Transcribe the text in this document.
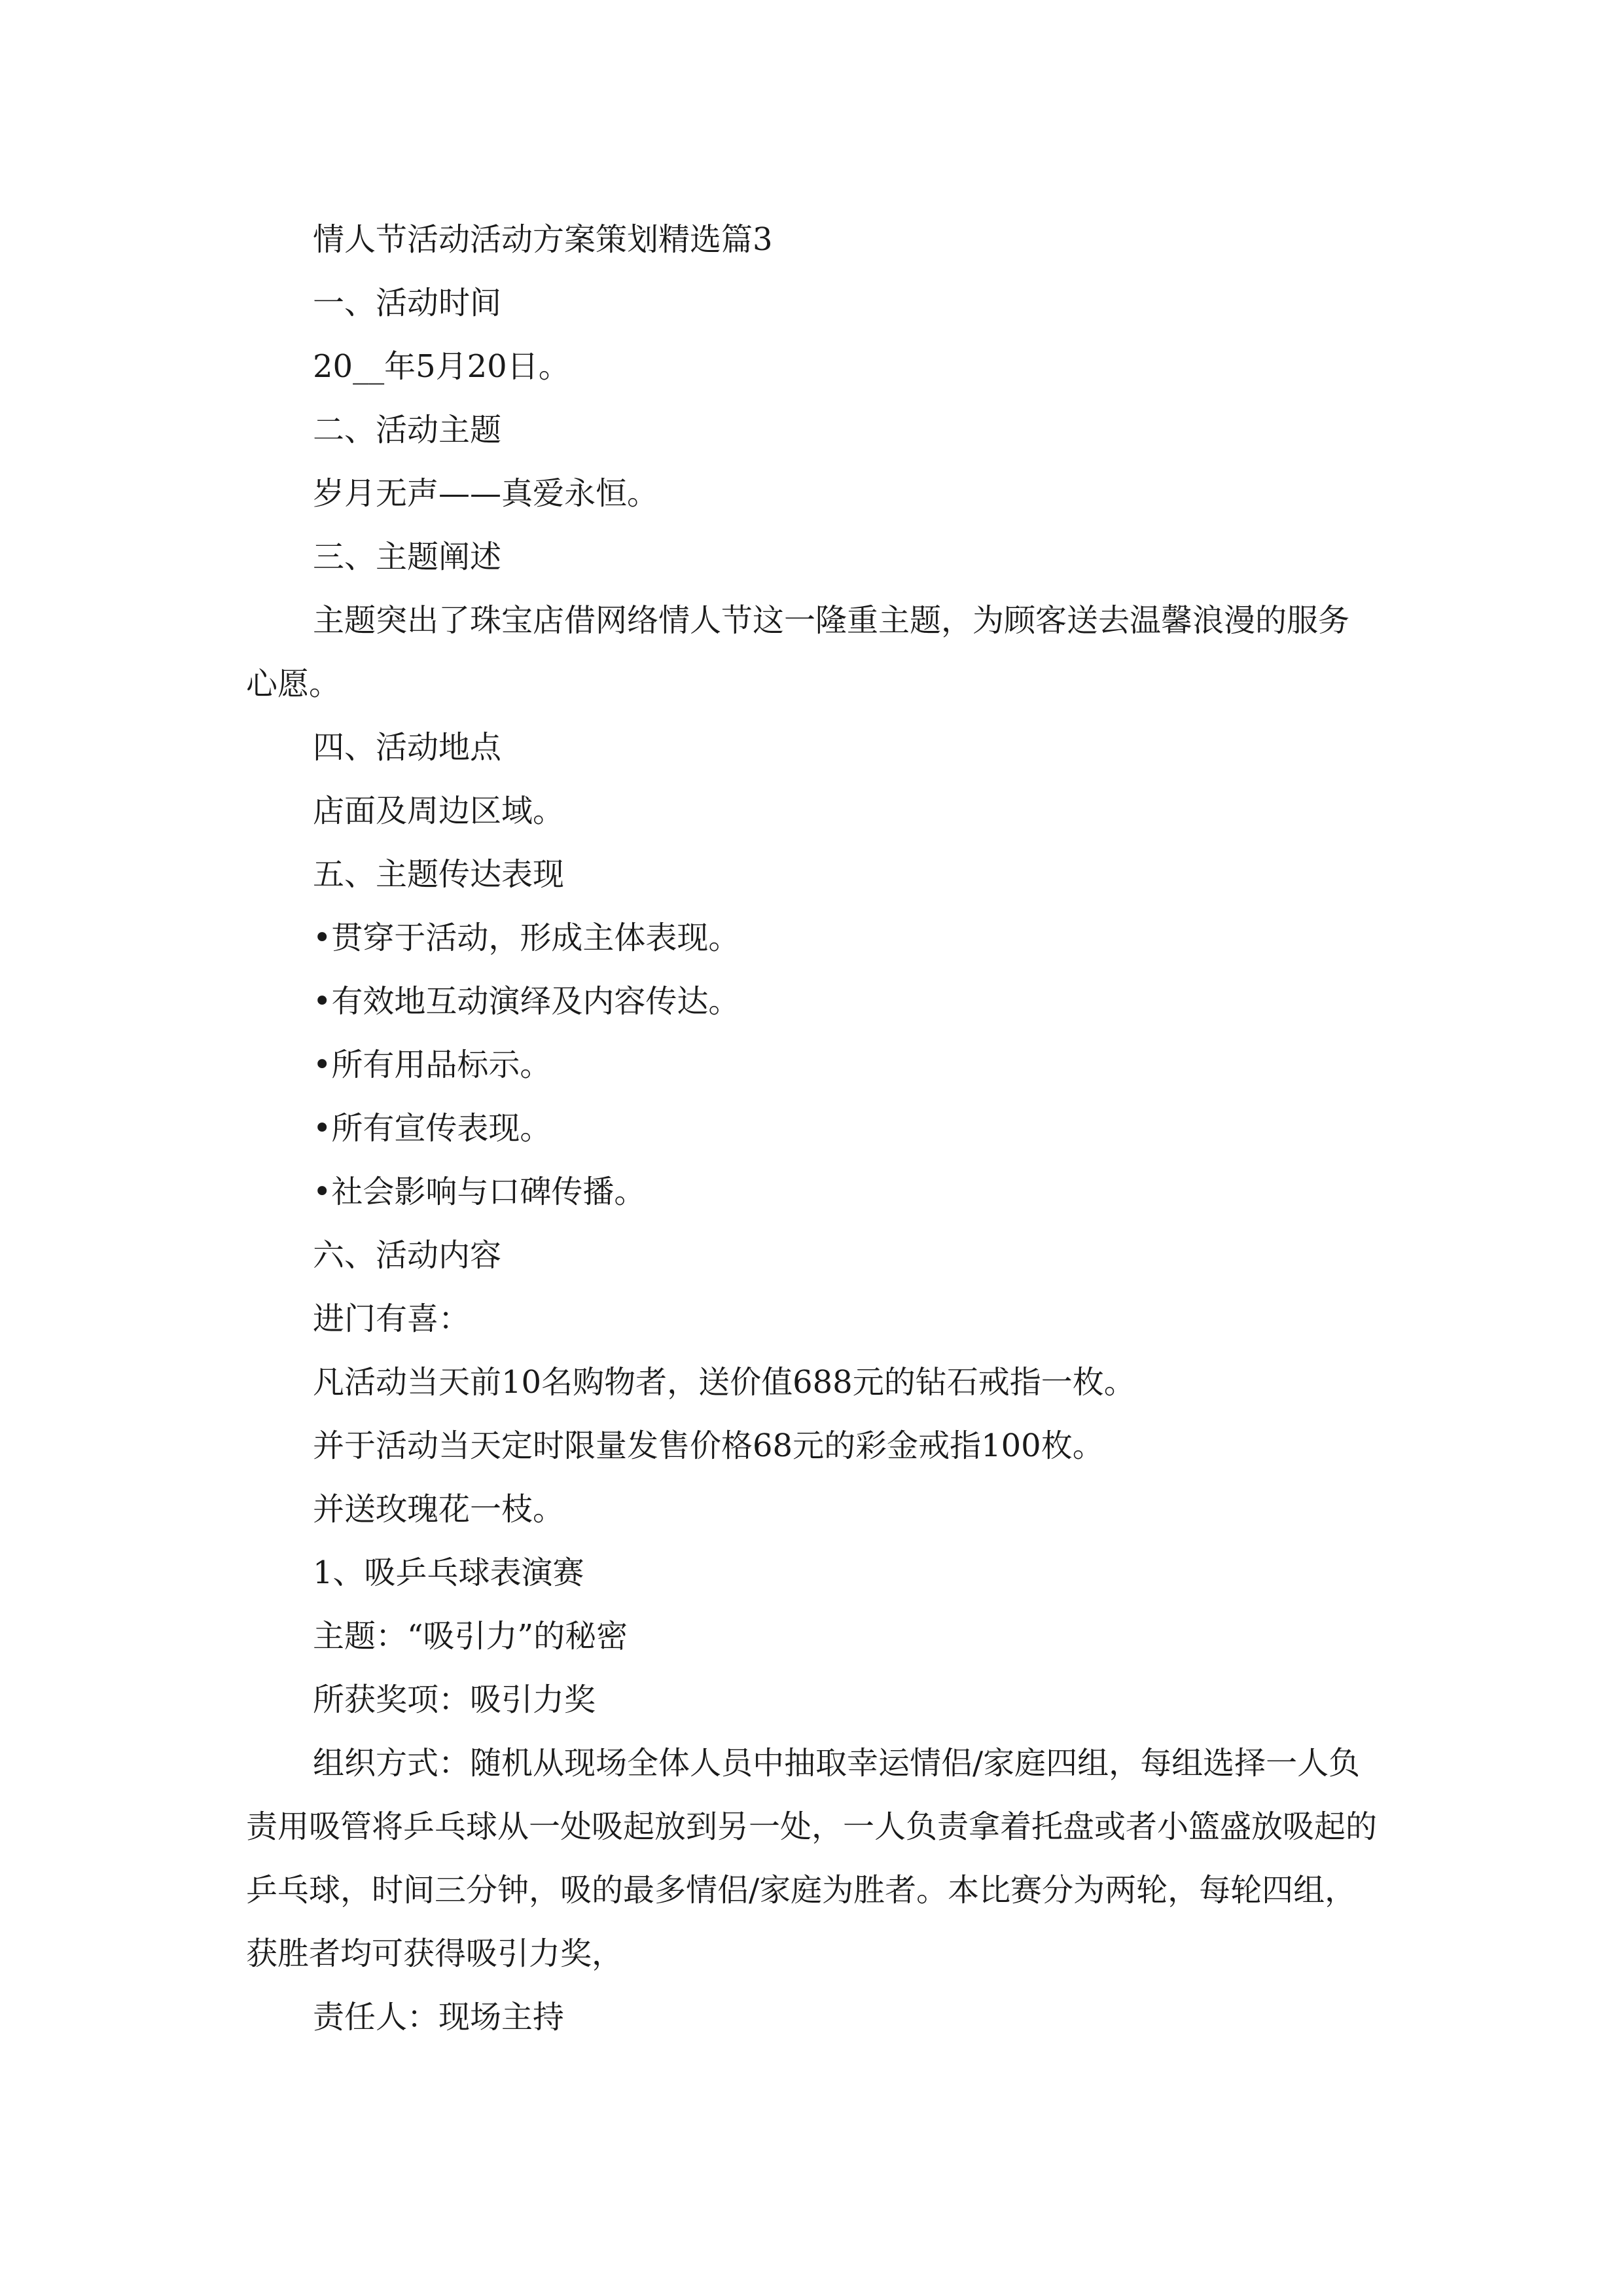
情人节活动活动方案策划精选篇3

一、活动时间

20__年5月20日。

二、活动主题

岁月无声——真爱永恒。

三、主题阐述

主题突出了珠宝店借网络情人节这一隆重主题，为顾客送去温馨浪漫的服务心愿。

四、活动地点

店面及周边区域。

五、主题传达表现

•贯穿于活动，形成主体表现。

•有效地互动演绎及内容传达。

•所有用品标示。

•所有宣传表现。

•社会影响与口碑传播。

六、活动内容

进门有喜：

凡活动当天前10名购物者，送价值688元的钻石戒指一枚。

并于活动当天定时限量发售价格68元的彩金戒指100枚。

并送玫瑰花一枝。

1、吸乒乓球表演赛

主题：“吸引力”的秘密

所获奖项：吸引力奖

组织方式：随机从现场全体人员中抽取幸运情侣/家庭四组，每组选择一人负责用吸管将乒乓球从一处吸起放到另一处，一人负责拿着托盘或者小篮盛放吸起的乒乓球，时间三分钟，吸的最多情侣/家庭为胜者。本比赛分为两轮，每轮四组，获胜者均可获得吸引力奖，

责任人：现场主持
